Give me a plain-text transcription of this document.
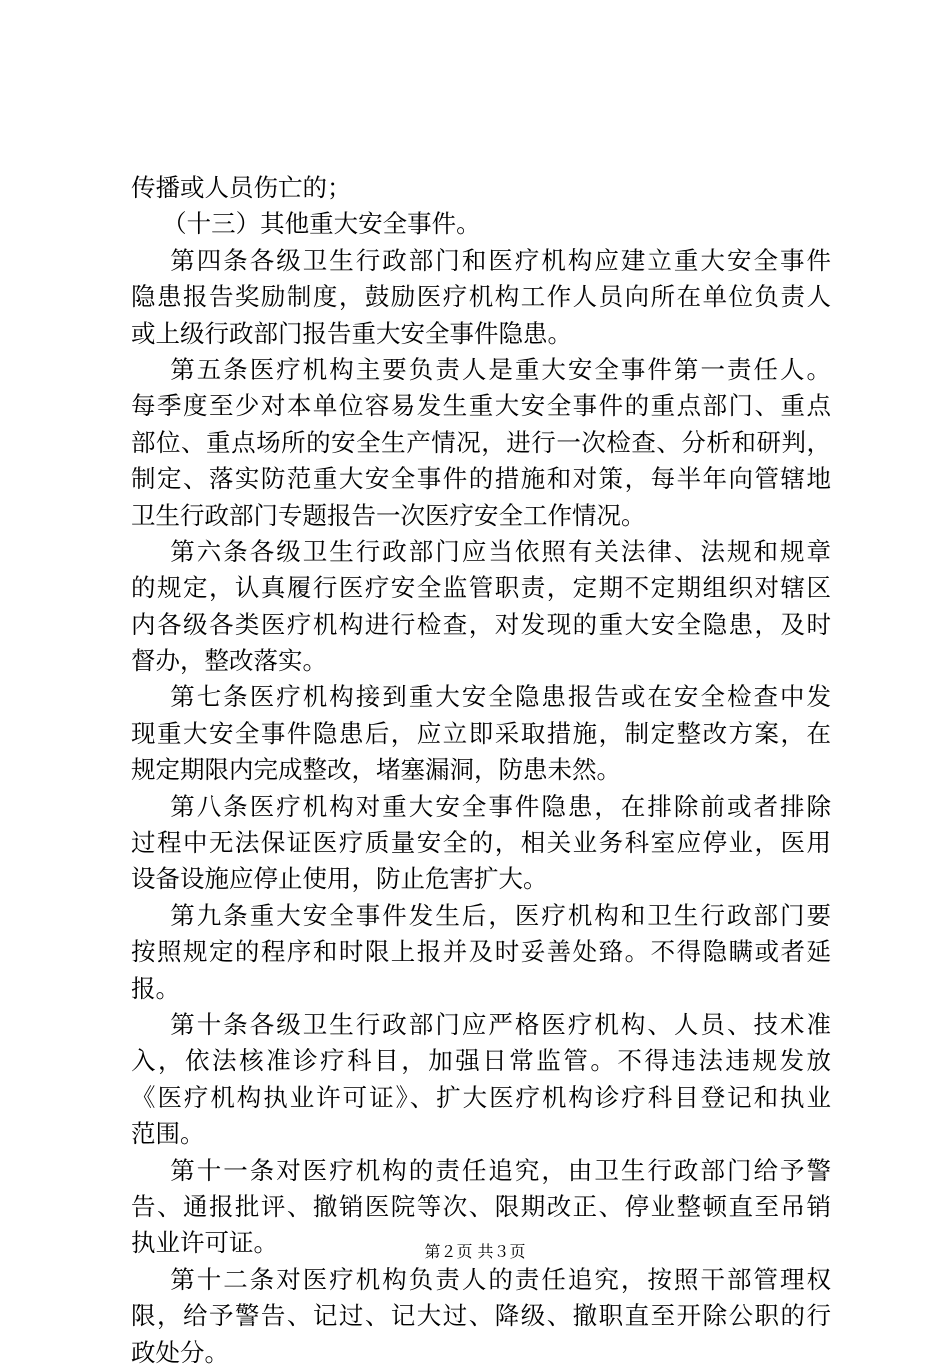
传播或人员伤亡的；
（十三）其他重大安全事件。
第四条各级卫生行政部门和医疗机构应建立重大安全事件
隐患报告奖励制度，鼓励医疗机构工作人员向所在单位负责人
或上级行政部门报告重大安全事件隐患。
第五条医疗机构主要负责人是重大安全事件第一责任人。
每季度至少对本单位容易发生重大安全事件的重点部门、重点
部位、重点场所的安全生产情况，进行一次检查、分析和研判，
制定、落实防范重大安全事件的措施和对策，每半年向管辖地
卫生行政部门专题报告一次医疗安全工作情况。
第六条各级卫生行政部门应当依照有关法律、法规和规章
的规定，认真履行医疗安全监管职责，定期不定期组织对辖区
内各级各类医疗机构进行检查，对发现的重大安全隐患，及时
督办，整改落实。
第七条医疗机构接到重大安全隐患报告或在安全检查中发
现重大安全事件隐患后，应立即采取措施，制定整改方案，在
规定期限内完成整改，堵塞漏洞，防患未然。
第八条医疗机构对重大安全事件隐患，在排除前或者排除
过程中无法保证医疗质量安全的，相关业务科室应停业，医用
设备设施应停止使用，防止危害扩大。
第九条重大安全事件发生后，医疗机构和卫生行政部门要
按照规定的程序和时限上报并及时妥善处臵。不得隐瞒或者延
报。
第十条各级卫生行政部门应严格医疗机构、人员、技术准
入，依法核准诊疗科目，加强日常监管。不得违法违规发放
《医疗机构执业许可证》、扩大医疗机构诊疗科目登记和执业
范围。
第十一条对医疗机构的责任追究，由卫生行政部门给予警
告、通报批评、撤销医院等次、限期改正、停业整顿直至吊销
执业许可证。
第十二条对医疗机构负责人的责任追究，按照干部管理权
限，给予警告、记过、记大过、降级、撤职直至开除公职的行
政处分。
第２页 共３页
